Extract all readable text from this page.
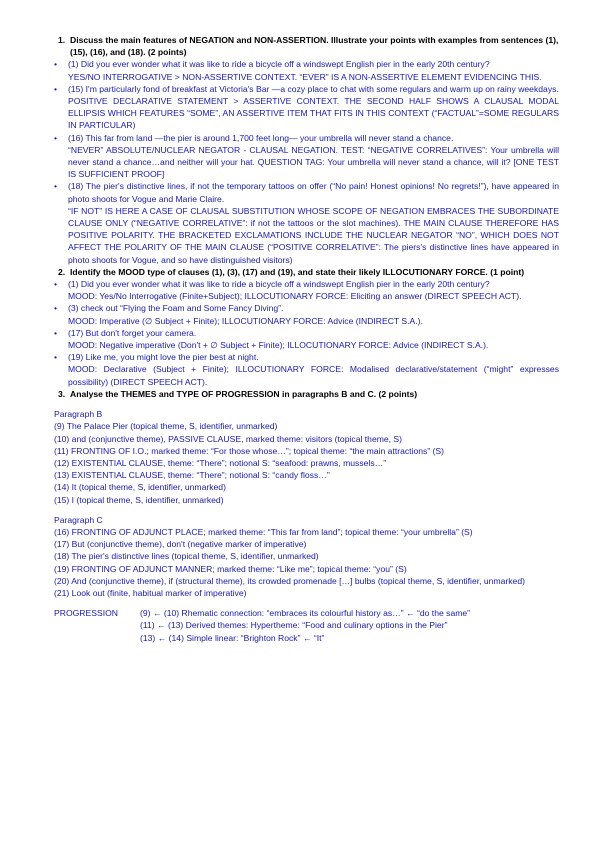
1. Discuss the main features of NEGATION and NON-ASSERTION. Illustrate your points with examples from sentences (1), (15), (16), and (18). (2 points)

• (1) Did you ever wonder what it was like to ride a bicycle off a windswept English pier in the early 20th century?
YES/NO INTERROGATIVE > NON-ASSERTIVE CONTEXT. “EVER” IS A NON-ASSERTIVE ELEMENT EVIDENCING THIS.
• (15) I'm particularly fond of breakfast at Victoria's Bar —a cozy place to chat with some regulars and warm up on rainy weekdays.
POSITIVE DECLARATIVE STATEMENT > ASSERTIVE CONTEXT. THE SECOND HALF SHOWS A CLAUSAL MODAL ELLIPSIS WHICH FEATURES “SOME”, AN ASSERTIVE ITEM THAT FITS IN THIS CONTEXT (“FACTUAL”=SOME REGULARS IN PARTICULAR)
• (16) This far from land —the pier is around 1,700 feet long— your umbrella will never stand a chance.
“NEVER” ABSOLUTE/NUCLEAR NEGATOR - CLAUSAL NEGATION. TEST: “NEGATIVE CORRELATIVES”: Your umbrella will never stand a chance…and neither will your hat. QUESTION TAG: Your umbrella will never stand a chance, will it? [ONE TEST IS SUFFICIENT PROOF]
• (18) The pier's distinctive lines, if not the temporary tattoos on offer (“No pain! Honest opinions! No regrets!”), have appeared in photo shoots for Vogue and Marie Claire.
“IF NOT” IS HERE A CASE OF CLAUSAL SUBSTITUTION WHOSE SCOPE OF NEGATION EMBRACES THE SUBORDINATE CLAUSE ONLY (“NEGATIVE CORRELATIVE”: if not the tattoos or the slot machines). THE MAIN CLAUSE THEREFORE HAS POSITIVE POLARITY. THE BRACKETED EXCLAMATIONS INCLUDE THE NUCLEAR NEGATOR “NO”, WHICH DOES NOT AFFECT THE POLARITY OF THE MAIN CLAUSE (“POSITIVE CORRELATIVE”: The piers's distinctive lines have appeared in photo shoots for Vogue, and so have distinguished visitors)

2. Identify the MOOD type of clauses (1), (3), (17) and (19), and state their likely ILLOCUTIONARY FORCE. (1 point)

• (1) Did you ever wonder what it was like to ride a bicycle off a windswept English pier in the early 20th century?
MOOD: Yes/No Interrogative (Finite+Subject); ILLOCUTIONARY FORCE: Eliciting an answer (DIRECT SPEECH ACT).
• (3) check out “Flying the Foam and Some Fancy Diving”.
MOOD: Imperative (∅ Subject + Finite); ILLOCUTIONARY FORCE: Advice (INDIRECT S.A.).
• (17) But don't forget your camera.
MOOD: Negative imperative (Don't + ∅ Subject + Finite); ILLOCUTIONARY FORCE: Advice (INDIRECT S.A.).
• (19) Like me, you might love the pier best at night.
MOOD: Declarative (Subject + Finite); ILLOCUTIONARY FORCE: Modalised declarative/statement (“might” expresses possibility) (DIRECT SPEECH ACT).

3. Analyse the THEMES and TYPE OF PROGRESSION in paragraphs B and C. (2 points)

Paragraph B

(9) The Palace Pier (topical theme, S, identifier, unmarked)
(10) and (conjunctive theme), PASSIVE CLAUSE, marked theme: visitors (topical theme, S)
(11) FRONTING OF I.O.; marked theme: “For those whose…”; topical theme: “the main attractions” (S)
(12) EXISTENTIAL CLAUSE, theme: “There”; notional S: “seafood: prawns, mussels…”
(13) EXISTENTIAL CLAUSE, theme: “There”; notional S: “candy floss…”
(14) It (topical theme, S, identifier, unmarked)
(15) I (topical theme, S, identifier, unmarked)

Paragraph C

(16) FRONTING OF ADJUNCT PLACE; marked theme: “This far from land”; topical theme: “your umbrella” (S)
(17) But (conjunctive theme), don't (negative marker of imperative)
(18) The pier's distinctive lines (topical theme, S, identifier, unmarked)
(19) FRONTING OF ADJUNCT MANNER; marked theme: “Like me”; topical theme: “you” (S)
(20) And (conjunctive theme), if (structural theme), its crowded promenade […] bulbs (topical theme, S, identifier, unmarked)
(21) Look out (finite, habitual marker of imperative)
PROGRESSION	(9) ← (10) Rhematic connection: “embraces its colourful history as…” ← “do the same”
(11) ← (13) Derived themes: Hypertheme: “Food and culinary options in the Pier”
(13) ← (14) Simple linear: “Brighton Rock” ← “It”
